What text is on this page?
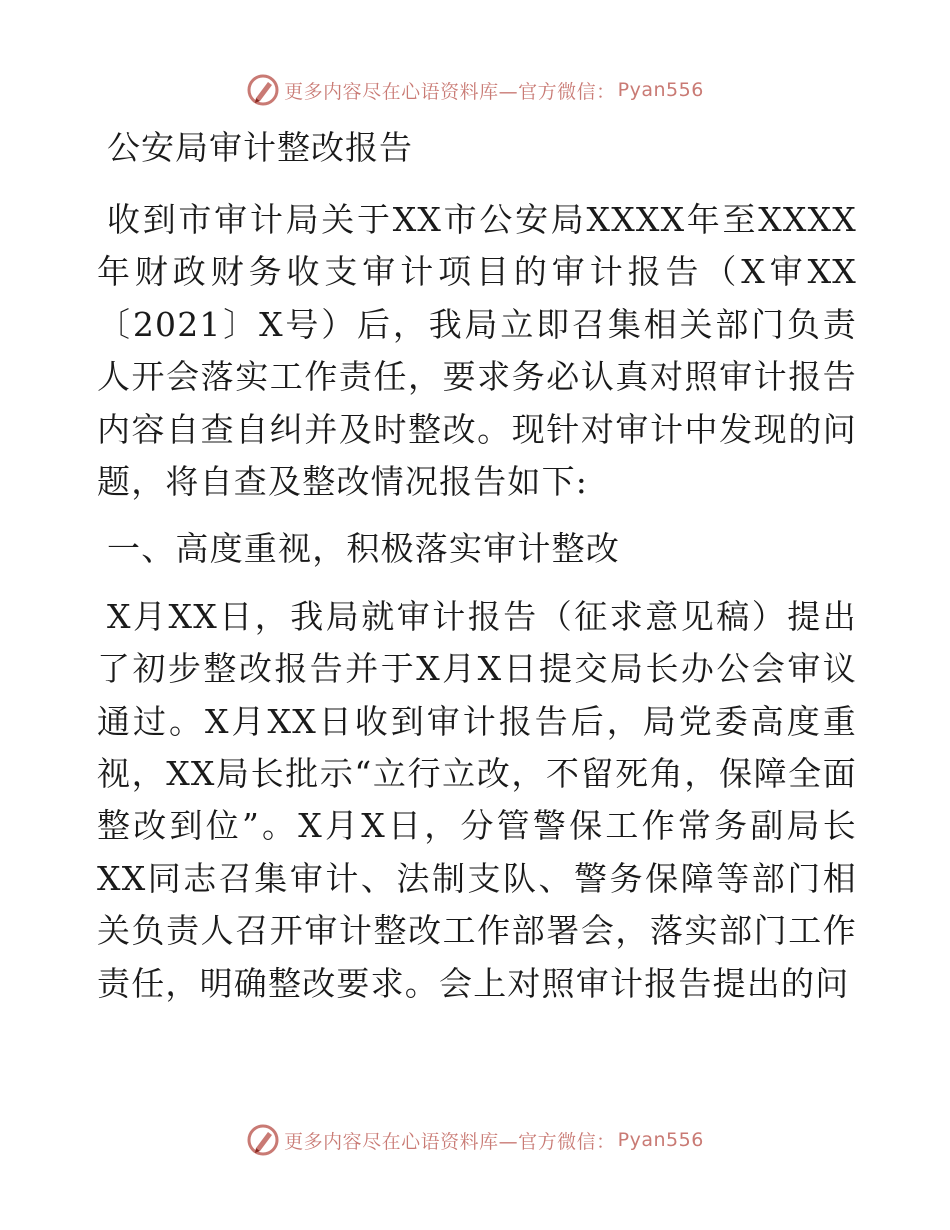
更多内容尽在心语资料库—官方微信： Pyan556
公安局审计整改报告

收到市审计局关于XX市公安局XXXX年至XXXX年财政财务收支审计项目的审计报告（X审XX〔2021〕X号）后，我局立即召集相关部门负责人开会落实工作责任，要求务必认真对照审计报告内容自查自纠并及时整改。现针对审计中发现的问题，将自查及整改情况报告如下:

一、高度重视，积极落实审计整改

X月XX日，我局就审计报告（征求意见稿）提出了初步整改报告并于X月X日提交局长办公会审议通过。X月XX日收到审计报告后，局党委高度重视，XX局长批示“立行立改，不留死角，保障全面整改到位”。X月X日，分管警保工作常务副局长XX同志召集审计、法制支队、警务保障等部门相关负责人召开审计整改工作部署会，落实部门工作责任，明确整改要求。会上对照审计报告提出的问

更多内容尽在心语资料库—官方微信： Pyan556
